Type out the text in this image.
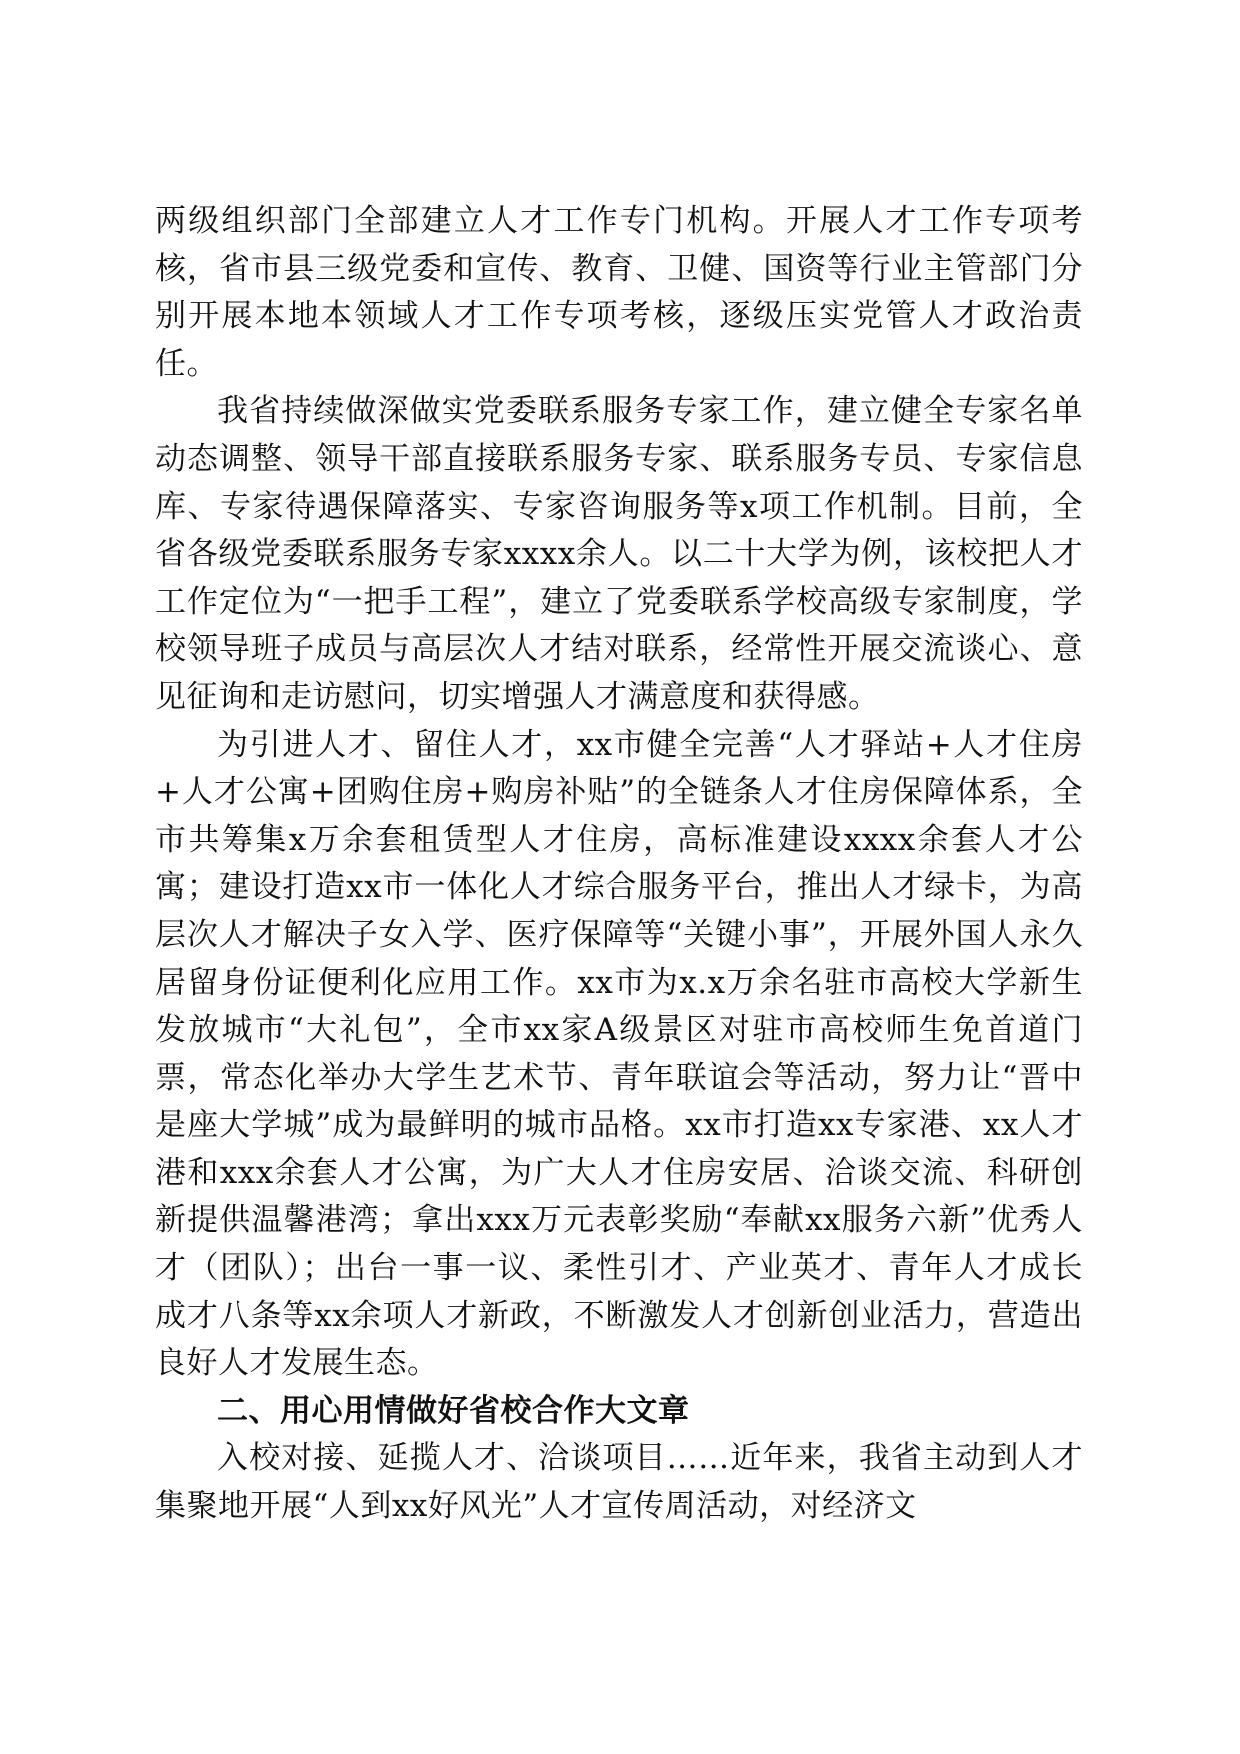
两级组织部门全部建立人才工作专门机构。开展人才工作专项考核，省市县三级党委和宣传、教育、卫健、国资等行业主管部门分别开展本地本领域人才工作专项考核，逐级压实党管人才政治责任。

我省持续做深做实党委联系服务专家工作，建立健全专家名单动态调整、领导干部直接联系服务专家、联系服务专员、专家信息库、专家待遇保障落实、专家咨询服务等x项工作机制。目前，全省各级党委联系服务专家xxxx余人。以二十大学为例，该校把人才工作定位为“一把手工程”，建立了党委联系学校高级专家制度，学校领导班子成员与高层次人才结对联系，经常性开展交流谈心、意见征询和走访慰问，切实增强人才满意度和获得感。

为引进人才、留住人才，xx市健全完善“人才驿站+人才住房+人才公寓+团购住房+购房补贴”的全链条人才住房保障体系，全市共筹集x万余套租赁型人才住房，高标准建设xxxx余套人才公寓；建设打造xx市一体化人才综合服务平台，推出人才绿卡，为高层次人才解决子女入学、医疗保障等“关键小事”，开展外国人永久居留身份证便利化应用工作。xx市为x.x万余名驻市高校大学新生发放城市“大礼包”，全市xx家A级景区对驻市高校师生免首道门票，常态化举办大学生艺术节、青年联谊会等活动，努力让“晋中是座大学城”成为最鲜明的城市品格。xx市打造xx专家港、xx人才港和xxx余套人才公寓，为广大人才住房安居、洽谈交流、科研创新提供温馨港湾；拿出xxx万元表彰奖励“奉献xx服务六新”优秀人才（团队）；出台一事一议、柔性引才、产业英才、青年人才成长成才八条等xx余项人才新政，不断激发人才创新创业活力，营造出良好人才发展生态。

二、用心用情做好省校合作大文章

入校对接、延揽人才、洽谈项目……近年来，我省主动到人才集聚地开展“人到xx好风光”人才宣传周活动，对经济文
